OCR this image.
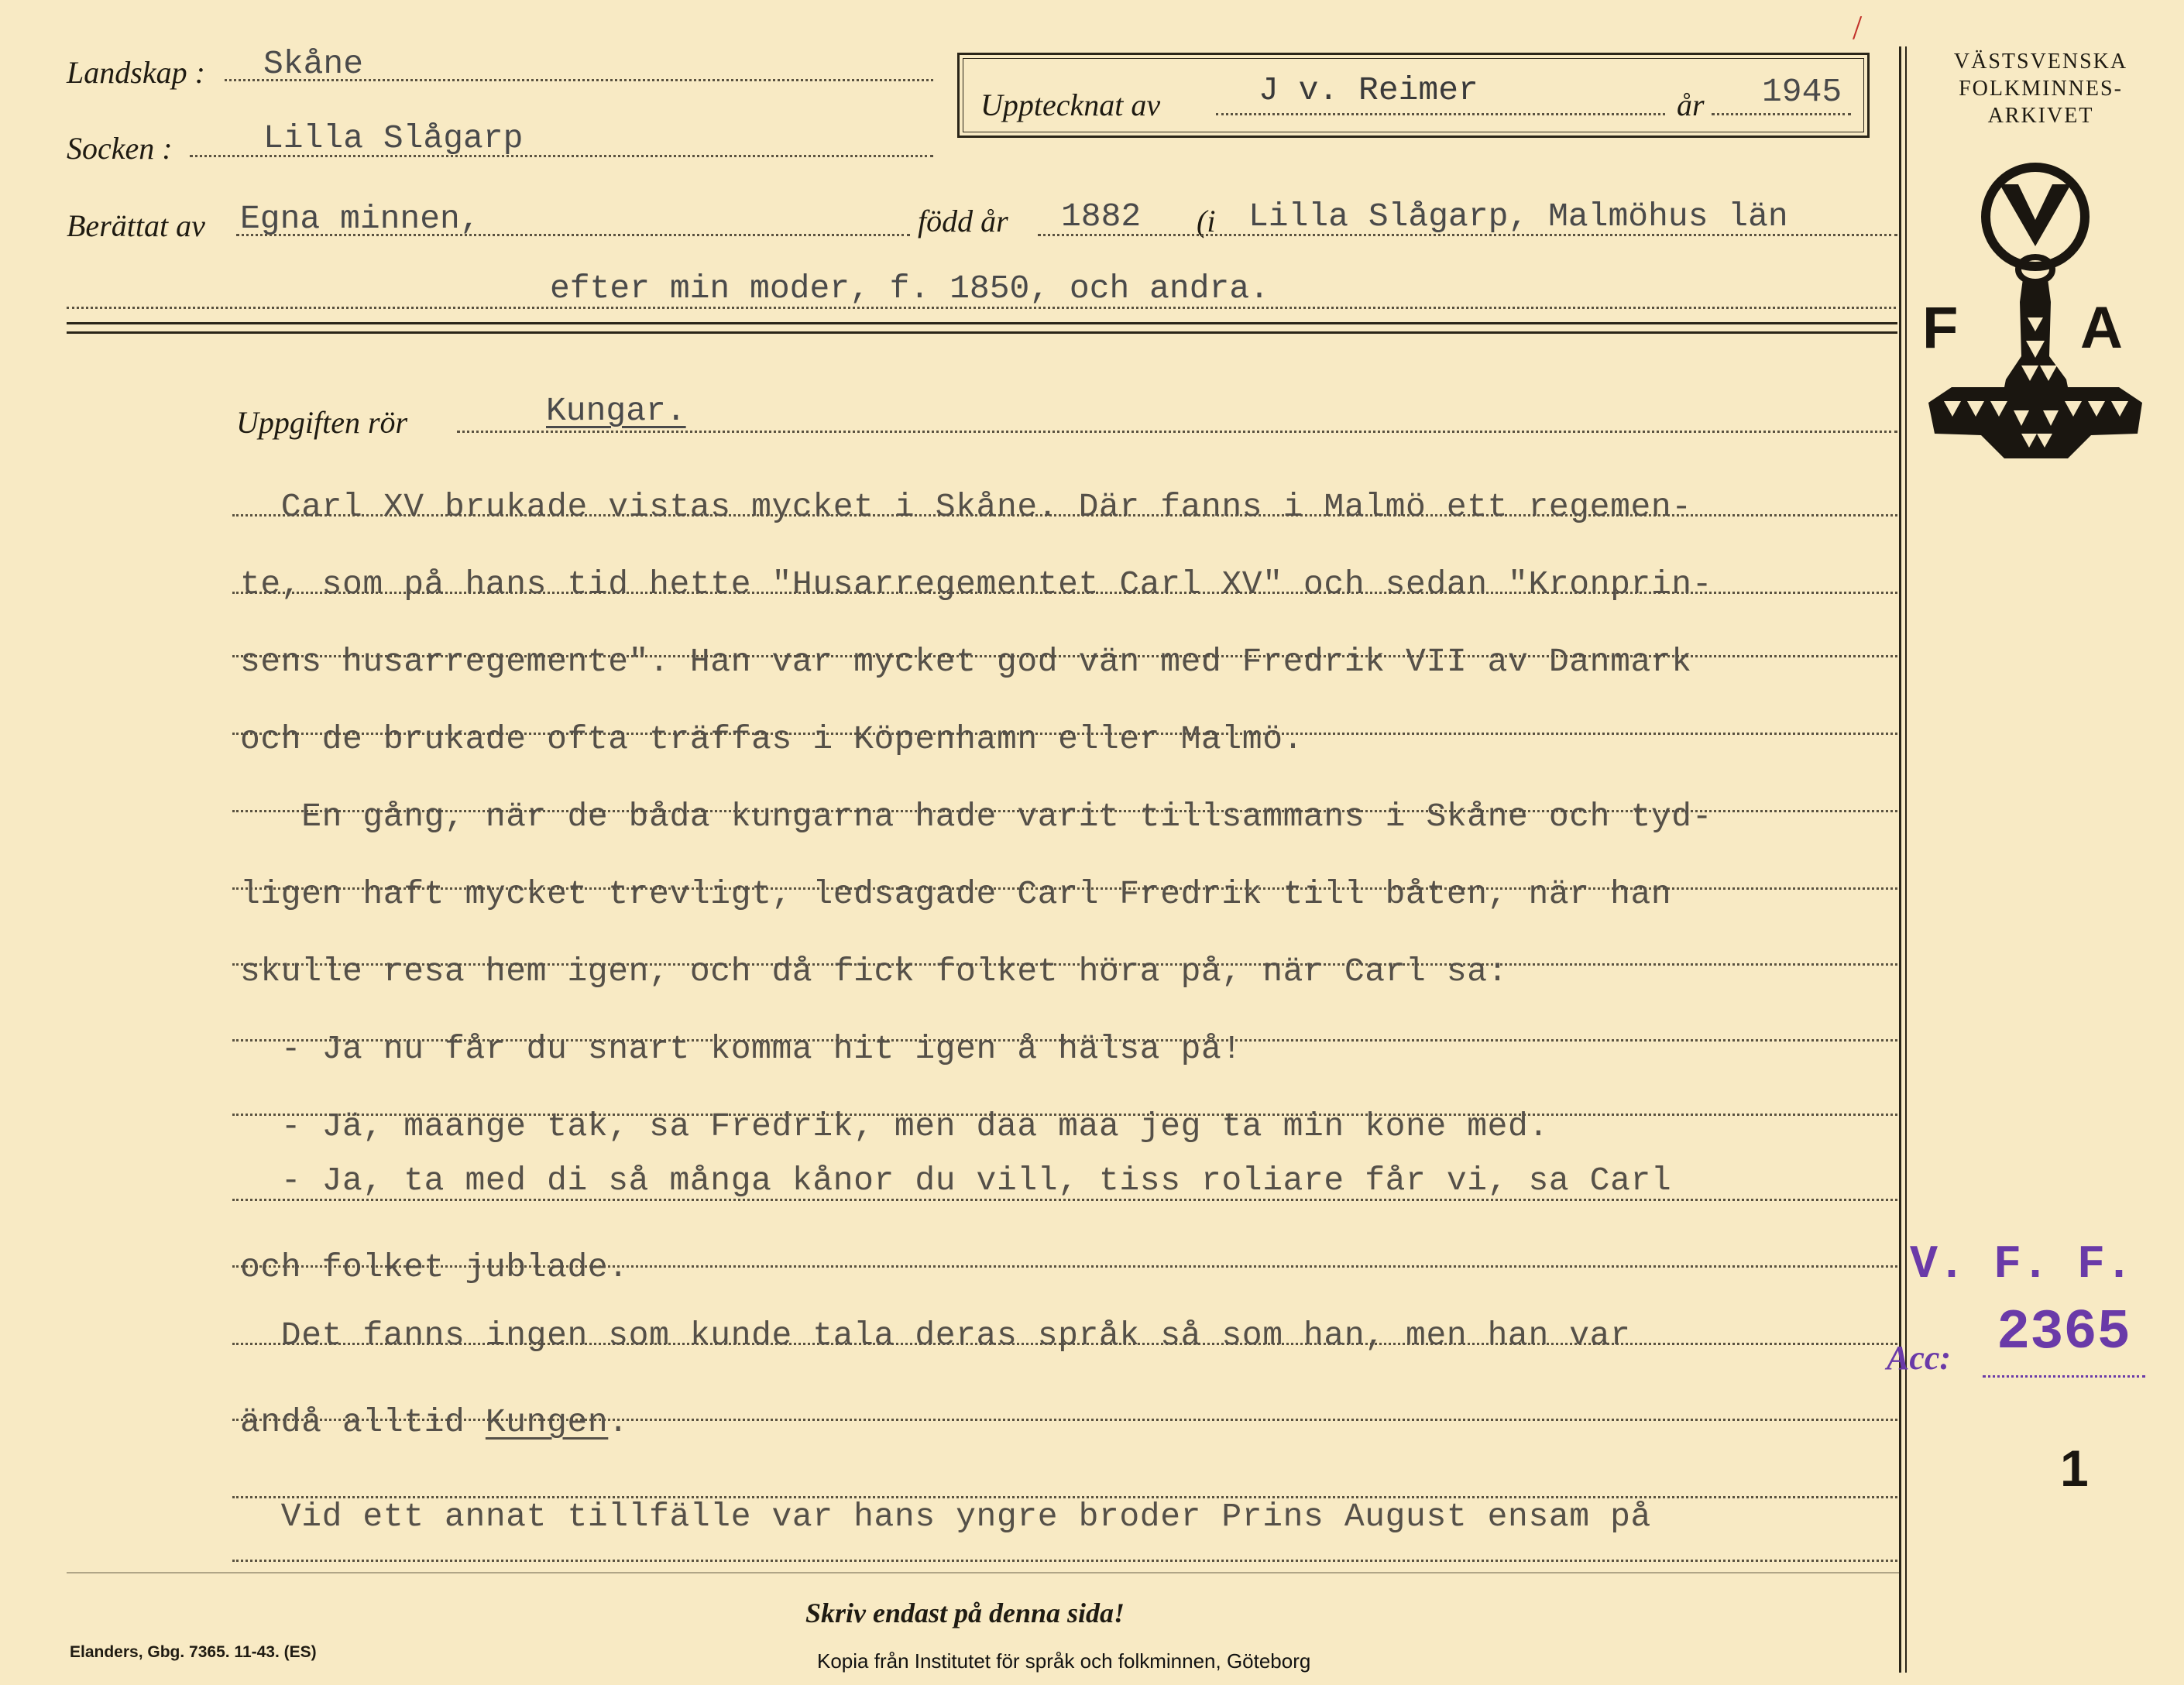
Landskap : Skåne
Socken :	Lilla Slågarp
Upptecknat av	J v. Reimer	år 1945
Berättat av Egna minnen,	född år 1882 (i Lilla Slågarp, Malmöhus län
efter min moder, f. 1850, och andra.
/
VÄSTSVENSKA
FOLKMINNES-
ARKIVET
F A
Uppgiften rör	Kungar.
Carl XV brukade vistas mycket i Skåne. Där fanns i Malmö ett regemen-
te, som på hans tid hette "Husarregementet Carl XV" och sedan "Kronprin-
sens husarregemente". Han var mycket god vän med Fredrik VII av Danmark
och de brukade ofta träffas i Köpenhamn eller Malmö.
En gång, när de båda kungarna hade varit tillsammans i Skåne och tyd-
ligen haft mycket trevligt, ledsagade Carl Fredrik till båten, när han
skulle resa hem igen, och då fick folket höra på, när Carl sa:
- Ja nu får du snart komma hit igen å hälsa på!
- Jä, maange tak, sa Fredrik, men daa maa jeg ta min kone med.
- Ja, ta med di så många kånor du vill, tiss roliare får vi, sa Carl
och folket jublade.
Det fanns ingen som kunde tala deras språk så som han, men han var
ändå alltid Kungen.
Vid ett annat tillfälle var hans yngre broder Prins August ensam på
V. F. F.
Acc: 2365
1
Skriv endast på denna sida!
Elanders, Gbg. 7365. 11-43. (ES)	Kopia från Institutet för språk och folkminnen, Göteborg
